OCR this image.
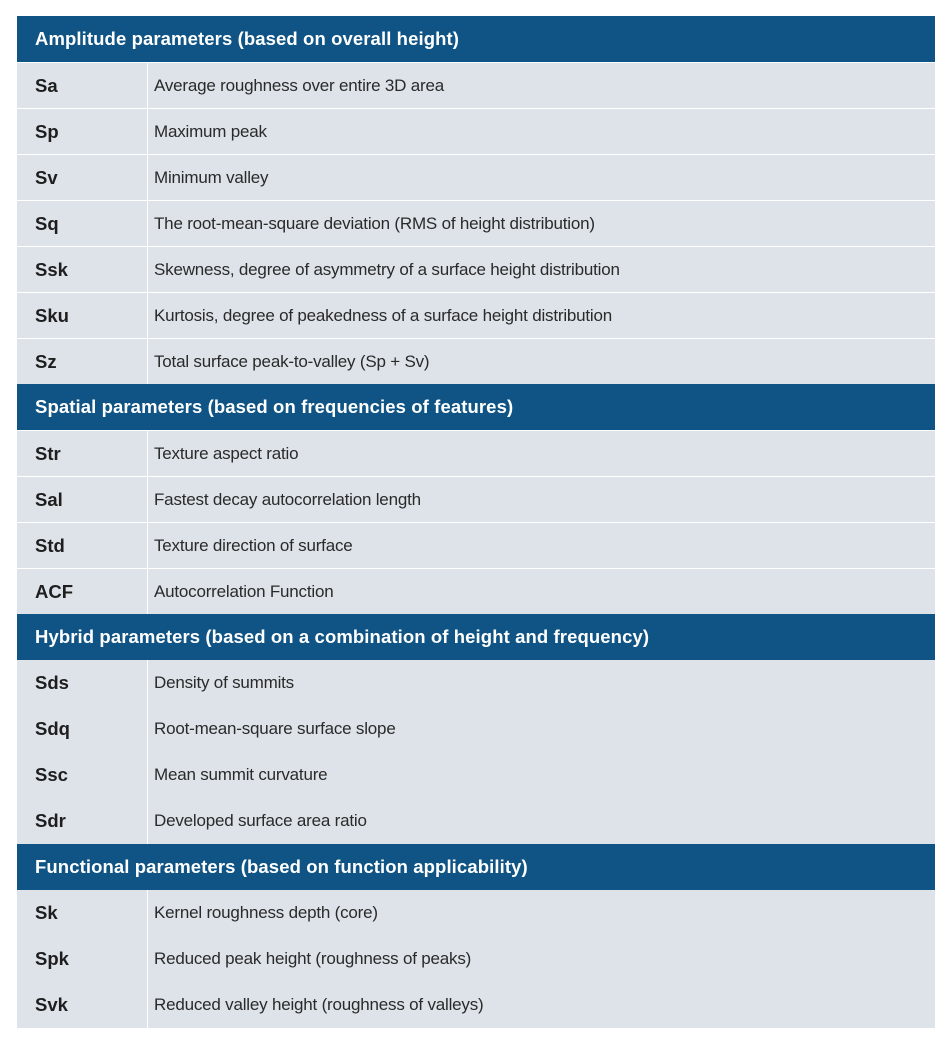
Amplitude parameters (based on overall height)
Sa	Average roughness over entire 3D area
Sp	Maximum peak
Sv	Minimum valley
Sq	The root-mean-square deviation (RMS of height distribution)
Ssk	Skewness, degree of asymmetry of a surface height distribution
Sku	Kurtosis, degree of peakedness of a surface height distribution
Sz	Total surface peak-to-valley (Sp + Sv)
Spatial parameters (based on frequencies of features)
Str	Texture aspect ratio
Sal	Fastest decay autocorrelation length
Std	Texture direction of surface
ACF	Autocorrelation Function
Hybrid parameters (based on a combination of height and frequency)
Sds	Density of summits
Sdq	Root-mean-square surface slope
Ssc	Mean summit curvature
Sdr	Developed surface area ratio
Functional parameters (based on function applicability)
Sk	Kernel roughness depth (core)
Spk	Reduced peak height (roughness of peaks)
Svk	Reduced valley height (roughness of valleys)
